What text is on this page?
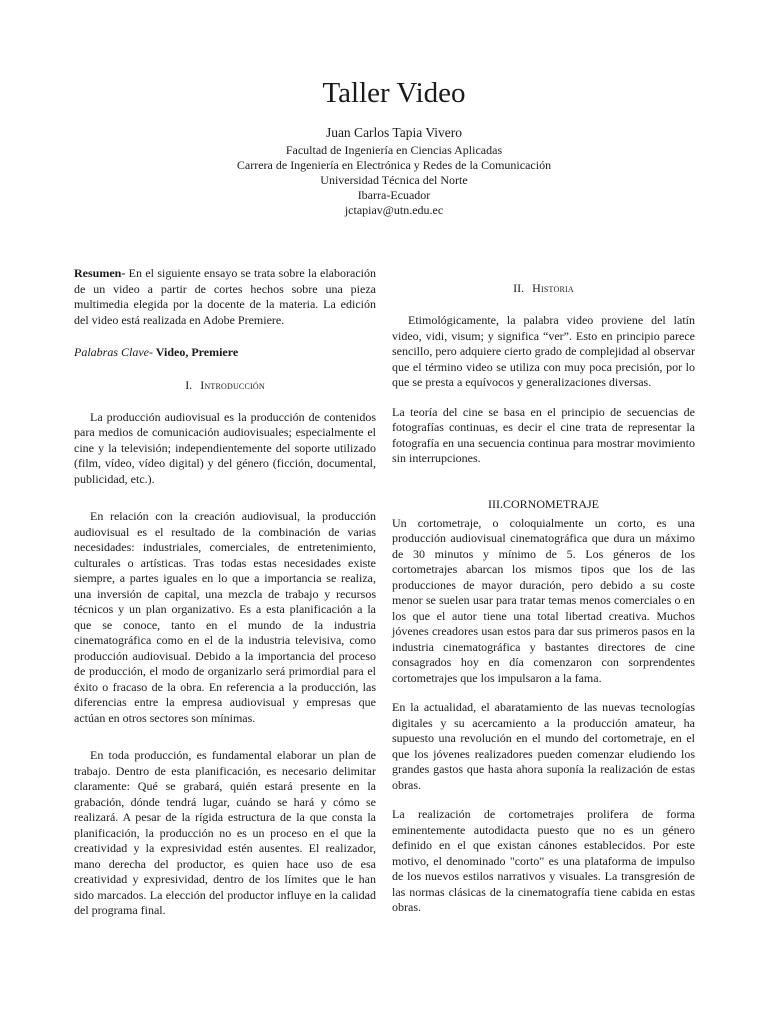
Taller Video
Juan Carlos Tapia Vivero
Facultad de Ingeniería en Ciencias Aplicadas
Carrera de Ingeniería en Electrónica y Redes de la Comunicación
Universidad Técnica del Norte
Ibarra-Ecuador
jctapiav@utn.edu.ec

Resumen- En el siguiente ensayo se trata sobre la elaboración de un video a partir de cortes hechos sobre una pieza multimedia elegida por la docente de la materia. La edición del video está realizada en Adobe Premiere.

Palabras Clave- Video, Premiere

I. Introducción

La producción audiovisual es la producción de contenidos para medios de comunicación audiovisuales; especialmente el cine y la televisión; independientemente del soporte utilizado (film, vídeo, vídeo digital) y del género (ficción, documental, publicidad, etc.).

En relación con la creación audiovisual, la producción audiovisual es el resultado de la combinación de varias necesidades: industriales, comerciales, de entretenimiento, culturales o artísticas. Tras todas estas necesidades existe siempre, a partes iguales en lo que a importancia se realiza, una inversión de capital, una mezcla de trabajo y recursos técnicos y un plan organizativo. Es a esta planificación a la que se conoce, tanto en el mundo de la industria cinematográfica como en el de la industria televisiva, como producción audiovisual. Debido a la importancia del proceso de producción, el modo de organizarlo será primordial para el éxito o fracaso de la obra. En referencia a la producción, las diferencias entre la empresa audiovisual y empresas que actúan en otros sectores son mínimas.

En toda producción, es fundamental elaborar un plan de trabajo. Dentro de esta planificación, es necesario delimitar claramente: Qué se grabará, quién estará presente en la grabación, dónde tendrá lugar, cuándo se hará y cómo se realizará. A pesar de la rígida estructura de la que consta la planificación, la producción no es un proceso en el que la creatividad y la expresividad estén ausentes. El realizador, mano derecha del productor, es quien hace uso de esa creatividad y expresividad, dentro de los límites que le han sido marcados. La elección del productor influye en la calidad del programa final.

II. Historia

Etimológicamente, la palabra video proviene del latín video, vidi, visum; y significa “ver”. Esto en principio parece sencillo, pero adquiere cierto grado de complejidad al observar que el término video se utiliza con muy poca precisión, por lo que se presta a equívocos y generalizaciones diversas.

La teoría del cine se basa en el principio de secuencias de fotografías continuas, es decir el cine trata de representar la fotografía en una secuencia continua para mostrar movimiento sin interrupciones.

III.CORNOMETRAJE

Un cortometraje, o coloquialmente un corto, es una producción audiovisual cinematográfica que dura un máximo de 30 minutos y mínimo de 5. Los géneros de los cortometrajes abarcan los mismos tipos que los de las producciones de mayor duración, pero debido a su coste menor se suelen usar para tratar temas menos comerciales o en los que el autor tiene una total libertad creativa. Muchos jóvenes creadores usan estos para dar sus primeros pasos en la industria cinematográfica y bastantes directores de cine consagrados hoy en día comenzaron con sorprendentes cortometrajes que los impulsaron a la fama.

En la actualidad, el abaratamiento de las nuevas tecnologías digitales y su acercamiento a la producción amateur, ha supuesto una revolución en el mundo del cortometraje, en el que los jóvenes realizadores pueden comenzar eludiendo los grandes gastos que hasta ahora suponía la realización de estas obras.

La realización de cortometrajes prolifera de forma eminentemente autodidacta puesto que no es un género definido en el que existan cánones establecidos. Por este motivo, el denominado "corto" es una plataforma de impulso de los nuevos estilos narrativos y visuales. La transgresión de las normas clásicas de la cinematografía tiene cabida en estas obras.
